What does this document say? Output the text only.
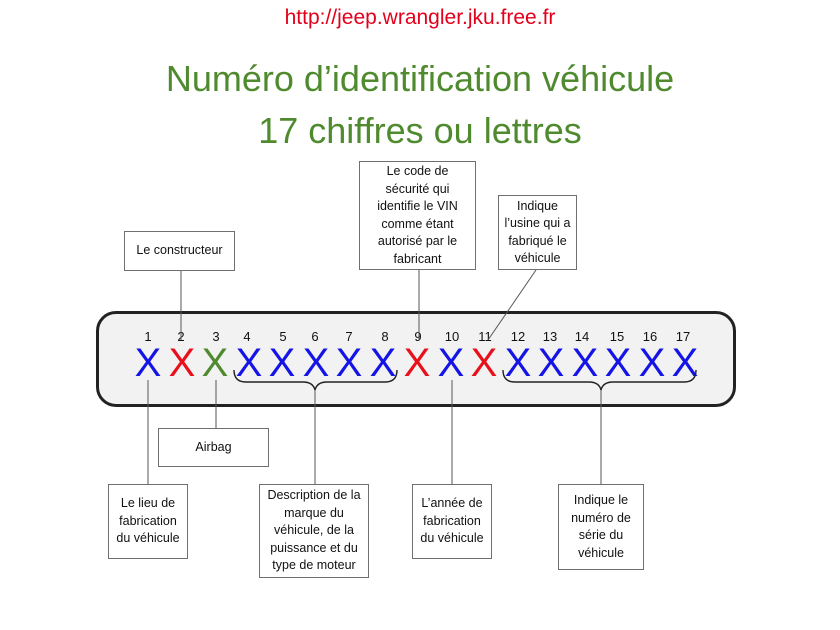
http://jeep.wrangler.jku.free.fr
Numéro d’identification véhicule
17 chiffres ou lettres
1
X
2
X
3
X
4
X
5
X
6
X
7
X
8
X
9
X
10
X
11
X
12
X
13
X
14
X
15
X
16
X
17
X
Le constructeur
Le code de sécurité qui identifie le VIN comme étant autorisé par le fabricant
Indique l’usine qui a fabriqué le véhicule
Airbag
Le lieu de fabrication du véhicule
Description de la marque du véhicule, de la puissance et du type de moteur
L’année de fabrication du véhicule
Indique le numéro de série du véhicule
